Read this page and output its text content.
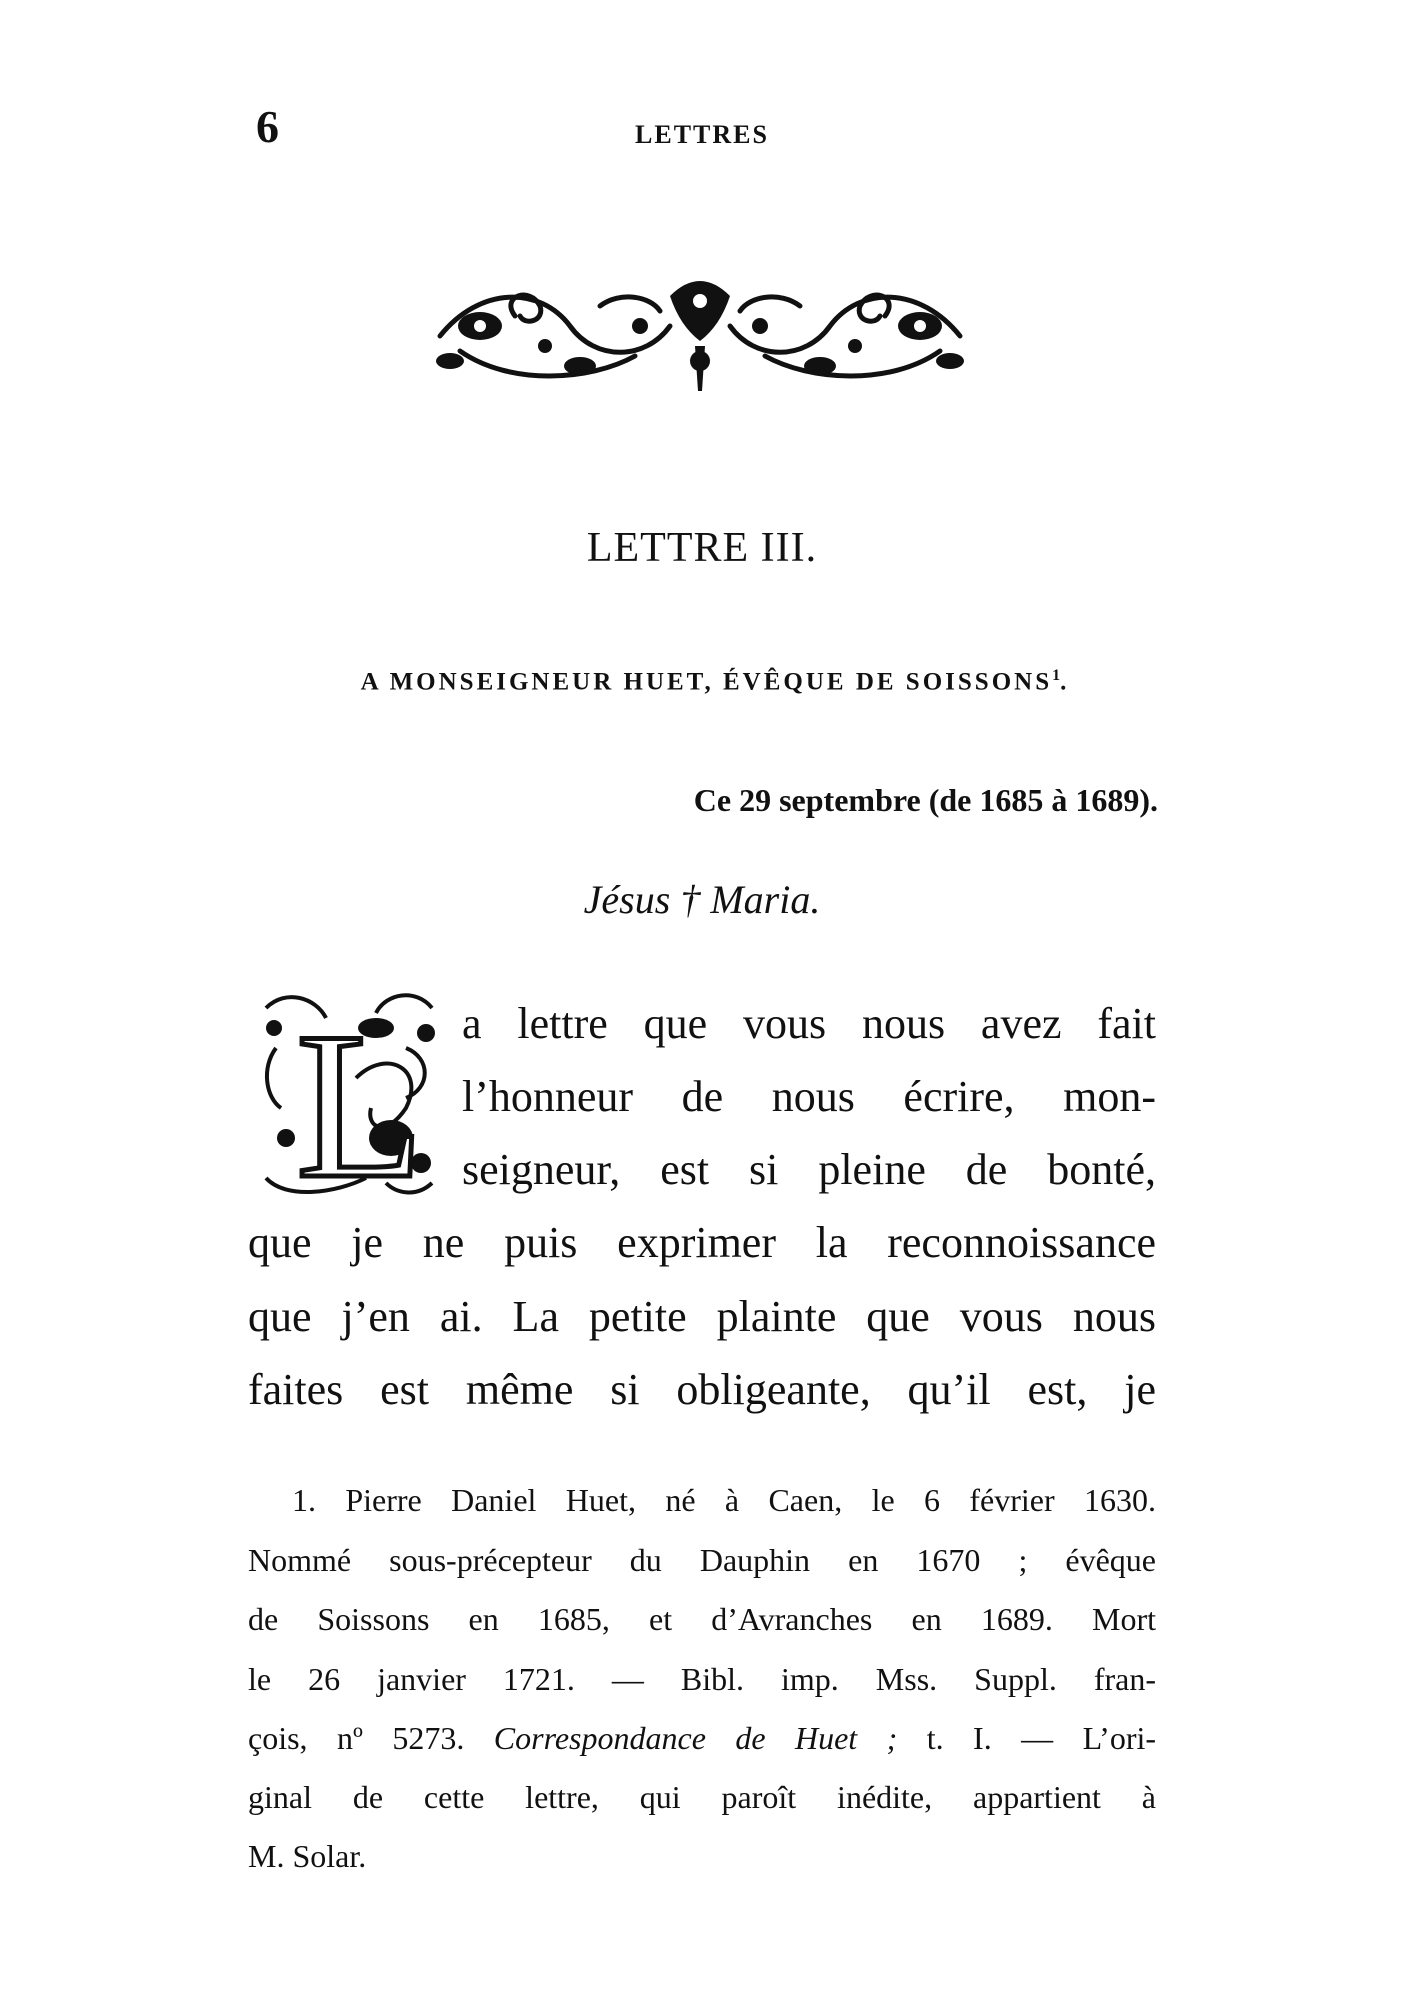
6	LETTRES
LETTRE III.
A MONSEIGNEUR HUET, ÉVÊQUE DE SOISSONS$^1$.
Ce 29 septembre (de 1685 à 1689).
Jésus † Maria.
L a lettre que vous nous avez fait
l’honneur de nous écrire, mon-
seigneur, est si pleine de bonté,
que je ne puis exprimer la reconnoissance
que j’en ai. La petite plainte que vous nous
faites est même si obligeante, qu’il est, je
1. Pierre Daniel Huet, né à Caen, le 6 février 1630.
Nommé sous-précepteur du Dauphin en 1670 ; évêque
de Soissons en 1685, et d’Avranches en 1689. Mort
le 26 janvier 1721. — Bibl. imp. Mss. Suppl. fran-
çois, nº 5273. Correspondance de Huet ; t. I. — L’ori-
ginal de cette lettre, qui paroît inédite, appartient à
M. Solar.
